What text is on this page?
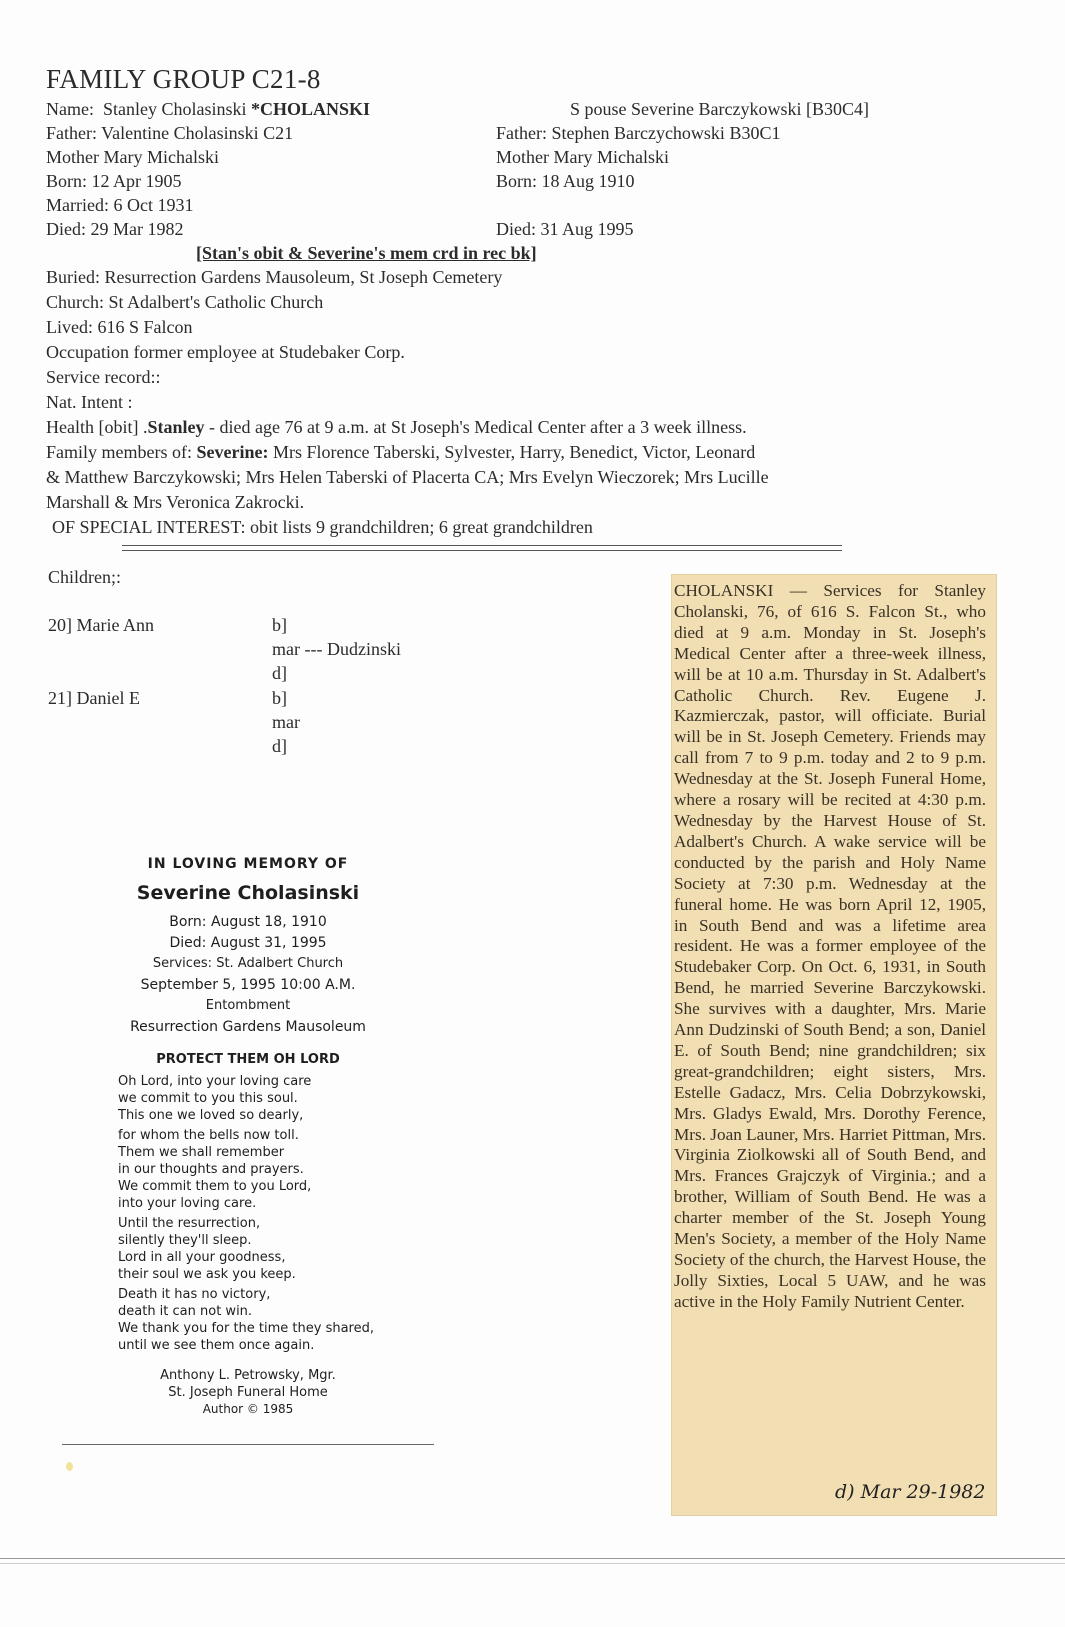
FAMILY GROUP C21-8
Name: Stanley Cholasinski *CHOLANSKI
Father: Valentine Cholasinski C21
Mother Mary Michalski
Born: 12 Apr 1905
Married: 6 Oct 1931
Died: 29 Mar 1982
S pouse Severine Barczykowski [B30C4]
Father: Stephen Barczychowski B30C1
Mother Mary Michalski
Born: 18 Aug 1910
Died: 31 Aug 1995
[Stan's obit & Severine's mem crd in rec bk]
Buried: Resurrection Gardens Mausoleum, St Joseph Cemetery
Church: St Adalbert's Catholic Church
Lived: 616 S Falcon
Occupation former employee at Studebaker Corp.
Service record::
Nat. Intent :
Health [obit] .Stanley - died age 76 at 9 a.m. at St Joseph's Medical Center after a 3 week illness.
Family members of: Severine: Mrs Florence Taberski, Sylvester, Harry, Benedict, Victor, Leonard
& Matthew Barczykowski; Mrs Helen Taberski of Placerta CA; Mrs Evelyn Wieczorek; Mrs Lucille
Marshall & Mrs Veronica Zakrocki.
OF SPECIAL INTEREST: obit lists 9 grandchildren; 6 great grandchildren
Children;:
20] Marie Ann	b]
mar --- Dudzinski
d]
21] Daniel E	b]
mar
d]
IN LOVING MEMORY OF
Severine Cholasinski
Born: August 18, 1910
Died: August 31, 1995
Services: St. Adalbert Church
September 5, 1995 10:00 A.M.
Entombment
Resurrection Gardens Mausoleum
PROTECT THEM OH LORD
Oh Lord, into your loving care
we commit to you this soul.
This one we loved so dearly,
for whom the bells now toll.
Them we shall remember
in our thoughts and prayers.
We commit them to you Lord,
into your loving care.
Until the resurrection,
silently they'll sleep.
Lord in all your goodness,
their soul we ask you keep.
Death it has no victory,
death it can not win.
We thank you for the time they shared,
until we see them once again.
Anthony L. Petrowsky, Mgr.
St. Joseph Funeral Home
Author © 1985
CHOLANSKI — Services for Stanley Cholanski, 76, of 616 S. Falcon St., who died at 9 a.m. Monday in St. Joseph's Medical Center after a three-week illness, will be at 10 a.m. Thursday in St. Adalbert's Catholic Church. Rev. Eugene J. Kazmierczak, pastor, will officiate. Burial will be in St. Joseph Cemetery. Friends may call from 7 to 9 p.m. today and 2 to 9 p.m. Wednesday at the St. Joseph Funeral Home, where a rosary will be recited at 4:30 p.m. Wednesday by the Harvest House of St. Adalbert's Church. A wake service will be conducted by the parish and Holy Name Society at 7:30 p.m. Wednesday at the funeral home. He was born April 12, 1905, in South Bend and was a lifetime area resident. He was a former employee of the Studebaker Corp. On Oct. 6, 1931, in South Bend, he married Severine Barczykowski. She survives with a daughter, Mrs. Marie Ann Dudzinski of South Bend; a son, Daniel E. of South Bend; nine grandchildren; six great-grandchildren; eight sisters, Mrs. Estelle Gadacz, Mrs. Celia Dobrzykowski, Mrs. Gladys Ewald, Mrs. Dorothy Ference, Mrs. Joan Launer, Mrs. Harriet Pittman, Mrs. Virginia Ziolkowski all of South Bend, and Mrs. Frances Grajczyk of Virginia.; and a brother, William of South Bend. He was a charter member of the St. Joseph Young Men's Society, a member of the Holy Name Society of the church, the Harvest House, the Jolly Sixties, Local 5 UAW, and he was active in the Holy Family Nutrient Center.
d) Mar 29-1982
